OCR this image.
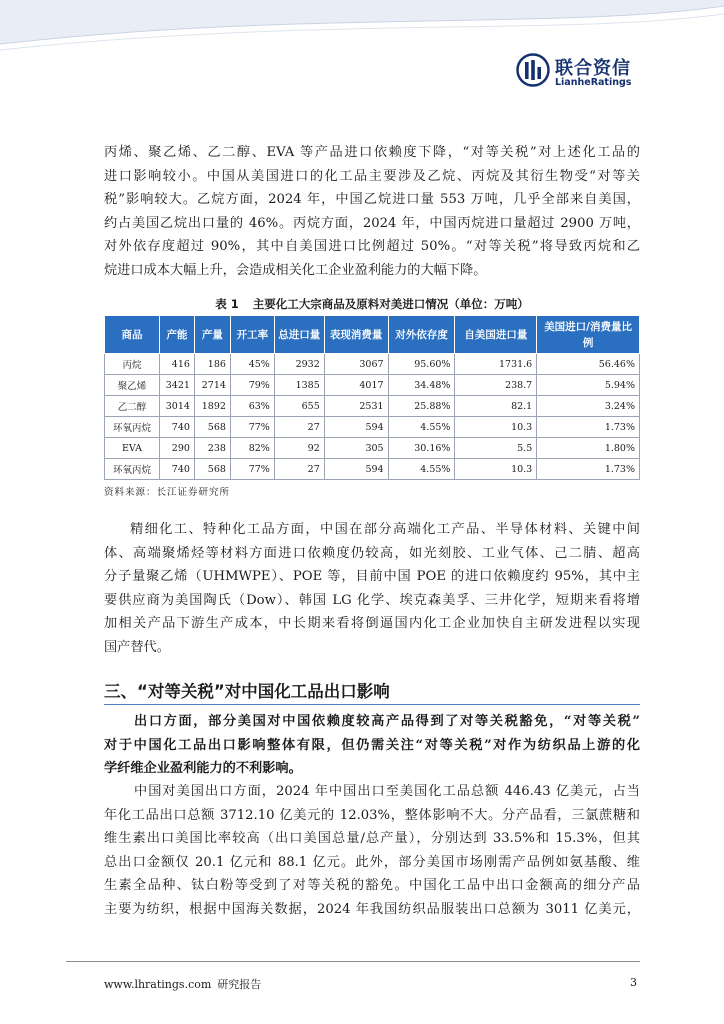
联合资信
LianheRatings
丙烯、聚乙烯、乙二醇、EVA 等产品进口依赖度下降，“对等关税”对上述化工品的
进口影响较小。中国从美国进口的化工品主要涉及乙烷、丙烷及其衍生物受“对等关
税”影响较大。乙烷方面，2024 年，中国乙烷进口量 553 万吨，几乎全部来自美国，
约占美国乙烷出口量的 46%。丙烷方面，2024 年，中国丙烷进口量超过 2900 万吨，
对外依存度超过 90%，其中自美国进口比例超过 50%。“对等关税”将导致丙烷和乙
烷进口成本大幅上升，会造成相关化工企业盈利能力的大幅下降。
表 1 主要化工大宗商品及原料对美进口情况（单位：万吨）
商品	产能	产量	开工率	总进口量	表现消费量	对外依存度	自美国进口量	美国进口/消费量比例
丙烷	416	186	45%	2932	3067	95.60%	1731.6	56.46%
聚乙烯	3421	2714	79%	1385	4017	34.48%	238.7	5.94%
乙二醇	3014	1892	63%	655	2531	25.88%	82.1	3.24%
环氧丙烷	740	568	77%	27	594	4.55%	10.3	1.73%
EVA	290	238	82%	92	305	30.16%	5.5	1.80%
环氧丙烷	740	568	77%	27	594	4.55%	10.3	1.73%
资料来源：长江证券研究所
精细化工、特种化工品方面，中国在部分高端化工产品、半导体材料、关键中间
体、高端聚烯烃等材料方面进口依赖度仍较高，如光刻胶、工业气体、己二腈、超高
分子量聚乙烯（UHMWPE）、POE 等，目前中国 POE 的进口依赖度约 95%，其中主
要供应商为美国陶氏（Dow）、韩国 LG 化学、埃克森美孚、三井化学，短期来看将增
加相关产品下游生产成本，中长期来看将倒逼国内化工企业加快自主研发进程以实现
国产替代。
三、“对等关税”对中国化工品出口影响
出口方面，部分美国对中国依赖度较高产品得到了对等关税豁免，“对等关税”
对于中国化工品出口影响整体有限，但仍需关注“对等关税”对作为纺织品上游的化
学纤维企业盈利能力的不利影响。
中国对美国出口方面，2024 年中国出口至美国化工品总额 446.43 亿美元，占当
年化工品出口总额 3712.10 亿美元的 12.03%，整体影响不大。分产品看，三氯蔗糖和
维生素出口美国比率较高（出口美国总量/总产量），分别达到 33.5%和 15.3%，但其
总出口金额仅 20.1 亿元和 88.1 亿元。此外，部分美国市场刚需产品例如氨基酸、维
生素全品种、钛白粉等受到了对等关税的豁免。中国化工品中出口金额高的细分产品
主要为纺织，根据中国海关数据，2024 年我国纺织品服装出口总额为 3011 亿美元，
www.lhratings.com 研究报告	3
